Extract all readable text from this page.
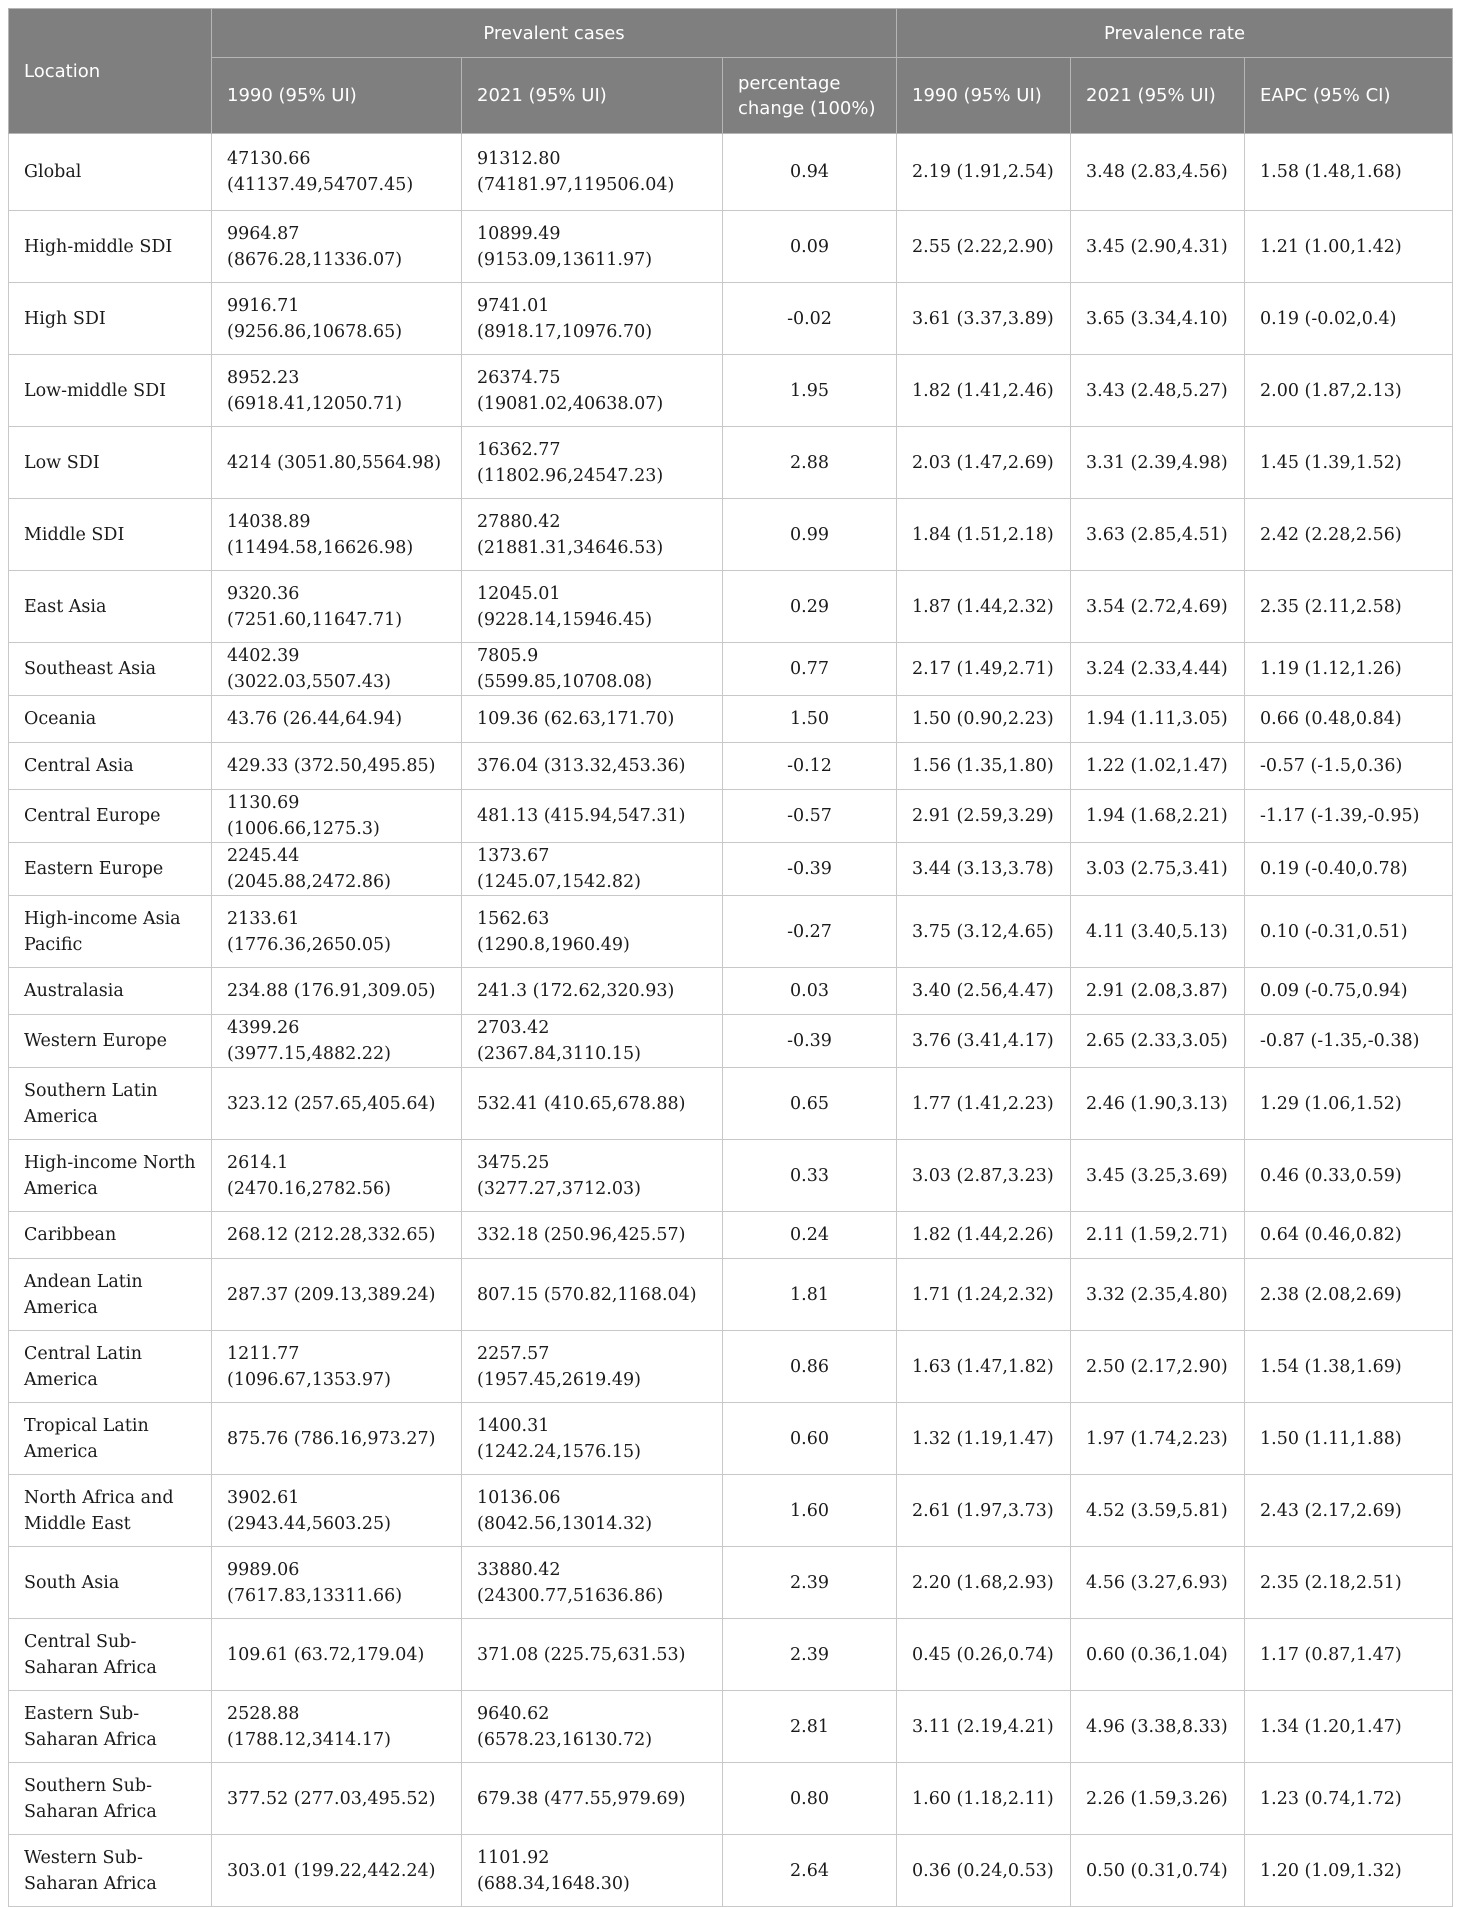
Location	Prevalent cases			Prevalence rate		
	1990 (95% UI)	2021 (95% UI)	percentage change (100%)	1990 (95% UI)	2021 (95% UI)	EAPC (95% CI)
Global	47130.66 (41137.49,54707.45)	91312.80 (74181.97,119506.04)	0.94	2.19 (1.91,2.54)	3.48 (2.83,4.56)	1.58 (1.48,1.68)
High-middle SDI	9964.87 (8676.28,11336.07)	10899.49 (9153.09,13611.97)	0.09	2.55 (2.22,2.90)	3.45 (2.90,4.31)	1.21 (1.00,1.42)
High SDI	9916.71 (9256.86,10678.65)	9741.01 (8918.17,10976.70)	-0.02	3.61 (3.37,3.89)	3.65 (3.34,4.10)	0.19 (-0.02,0.4)
Low-middle SDI	8952.23 (6918.41,12050.71)	26374.75 (19081.02,40638.07)	1.95	1.82 (1.41,2.46)	3.43 (2.48,5.27)	2.00 (1.87,2.13)
Low SDI	4214 (3051.80,5564.98)	16362.77 (11802.96,24547.23)	2.88	2.03 (1.47,2.69)	3.31 (2.39,4.98)	1.45 (1.39,1.52)
Middle SDI	14038.89 (11494.58,16626.98)	27880.42 (21881.31,34646.53)	0.99	1.84 (1.51,2.18)	3.63 (2.85,4.51)	2.42 (2.28,2.56)
East Asia	9320.36 (7251.60,11647.71)	12045.01 (9228.14,15946.45)	0.29	1.87 (1.44,2.32)	3.54 (2.72,4.69)	2.35 (2.11,2.58)
Southeast Asia	4402.39 (3022.03,5507.43)	7805.9 (5599.85,10708.08)	0.77	2.17 (1.49,2.71)	3.24 (2.33,4.44)	1.19 (1.12,1.26)
Oceania	43.76 (26.44,64.94)	109.36 (62.63,171.70)	1.50	1.50 (0.90,2.23)	1.94 (1.11,3.05)	0.66 (0.48,0.84)
Central Asia	429.33 (372.50,495.85)	376.04 (313.32,453.36)	-0.12	1.56 (1.35,1.80)	1.22 (1.02,1.47)	-0.57 (-1.5,0.36)
Central Europe	1130.69 (1006.66,1275.3)	481.13 (415.94,547.31)	-0.57	2.91 (2.59,3.29)	1.94 (1.68,2.21)	-1.17 (-1.39,-0.95)
Eastern Europe	2245.44 (2045.88,2472.86)	1373.67 (1245.07,1542.82)	-0.39	3.44 (3.13,3.78)	3.03 (2.75,3.41)	0.19 (-0.40,0.78)
High-income Asia Pacific	2133.61 (1776.36,2650.05)	1562.63 (1290.8,1960.49)	-0.27	3.75 (3.12,4.65)	4.11 (3.40,5.13)	0.10 (-0.31,0.51)
Australasia	234.88 (176.91,309.05)	241.3 (172.62,320.93)	0.03	3.40 (2.56,4.47)	2.91 (2.08,3.87)	0.09 (-0.75,0.94)
Western Europe	4399.26 (3977.15,4882.22)	2703.42 (2367.84,3110.15)	-0.39	3.76 (3.41,4.17)	2.65 (2.33,3.05)	-0.87 (-1.35,-0.38)
Southern Latin America	323.12 (257.65,405.64)	532.41 (410.65,678.88)	0.65	1.77 (1.41,2.23)	2.46 (1.90,3.13)	1.29 (1.06,1.52)
High-income North America	2614.1 (2470.16,2782.56)	3475.25 (3277.27,3712.03)	0.33	3.03 (2.87,3.23)	3.45 (3.25,3.69)	0.46 (0.33,0.59)
Caribbean	268.12 (212.28,332.65)	332.18 (250.96,425.57)	0.24	1.82 (1.44,2.26)	2.11 (1.59,2.71)	0.64 (0.46,0.82)
Andean Latin America	287.37 (209.13,389.24)	807.15 (570.82,1168.04)	1.81	1.71 (1.24,2.32)	3.32 (2.35,4.80)	2.38 (2.08,2.69)
Central Latin America	1211.77 (1096.67,1353.97)	2257.57 (1957.45,2619.49)	0.86	1.63 (1.47,1.82)	2.50 (2.17,2.90)	1.54 (1.38,1.69)
Tropical Latin America	875.76 (786.16,973.27)	1400.31 (1242.24,1576.15)	0.60	1.32 (1.19,1.47)	1.97 (1.74,2.23)	1.50 (1.11,1.88)
North Africa and Middle East	3902.61 (2943.44,5603.25)	10136.06 (8042.56,13014.32)	1.60	2.61 (1.97,3.73)	4.52 (3.59,5.81)	2.43 (2.17,2.69)
South Asia	9989.06 (7617.83,13311.66)	33880.42 (24300.77,51636.86)	2.39	2.20 (1.68,2.93)	4.56 (3.27,6.93)	2.35 (2.18,2.51)
Central Sub-Saharan Africa	109.61 (63.72,179.04)	371.08 (225.75,631.53)	2.39	0.45 (0.26,0.74)	0.60 (0.36,1.04)	1.17 (0.87,1.47)
Eastern Sub-Saharan Africa	2528.88 (1788.12,3414.17)	9640.62 (6578.23,16130.72)	2.81	3.11 (2.19,4.21)	4.96 (3.38,8.33)	1.34 (1.20,1.47)
Southern Sub-Saharan Africa	377.52 (277.03,495.52)	679.38 (477.55,979.69)	0.80	1.60 (1.18,2.11)	2.26 (1.59,3.26)	1.23 (0.74,1.72)
Western Sub-Saharan Africa	303.01 (199.22,442.24)	1101.92 (688.34,1648.30)	2.64	0.36 (0.24,0.53)	0.50 (0.31,0.74)	1.20 (1.09,1.32)
